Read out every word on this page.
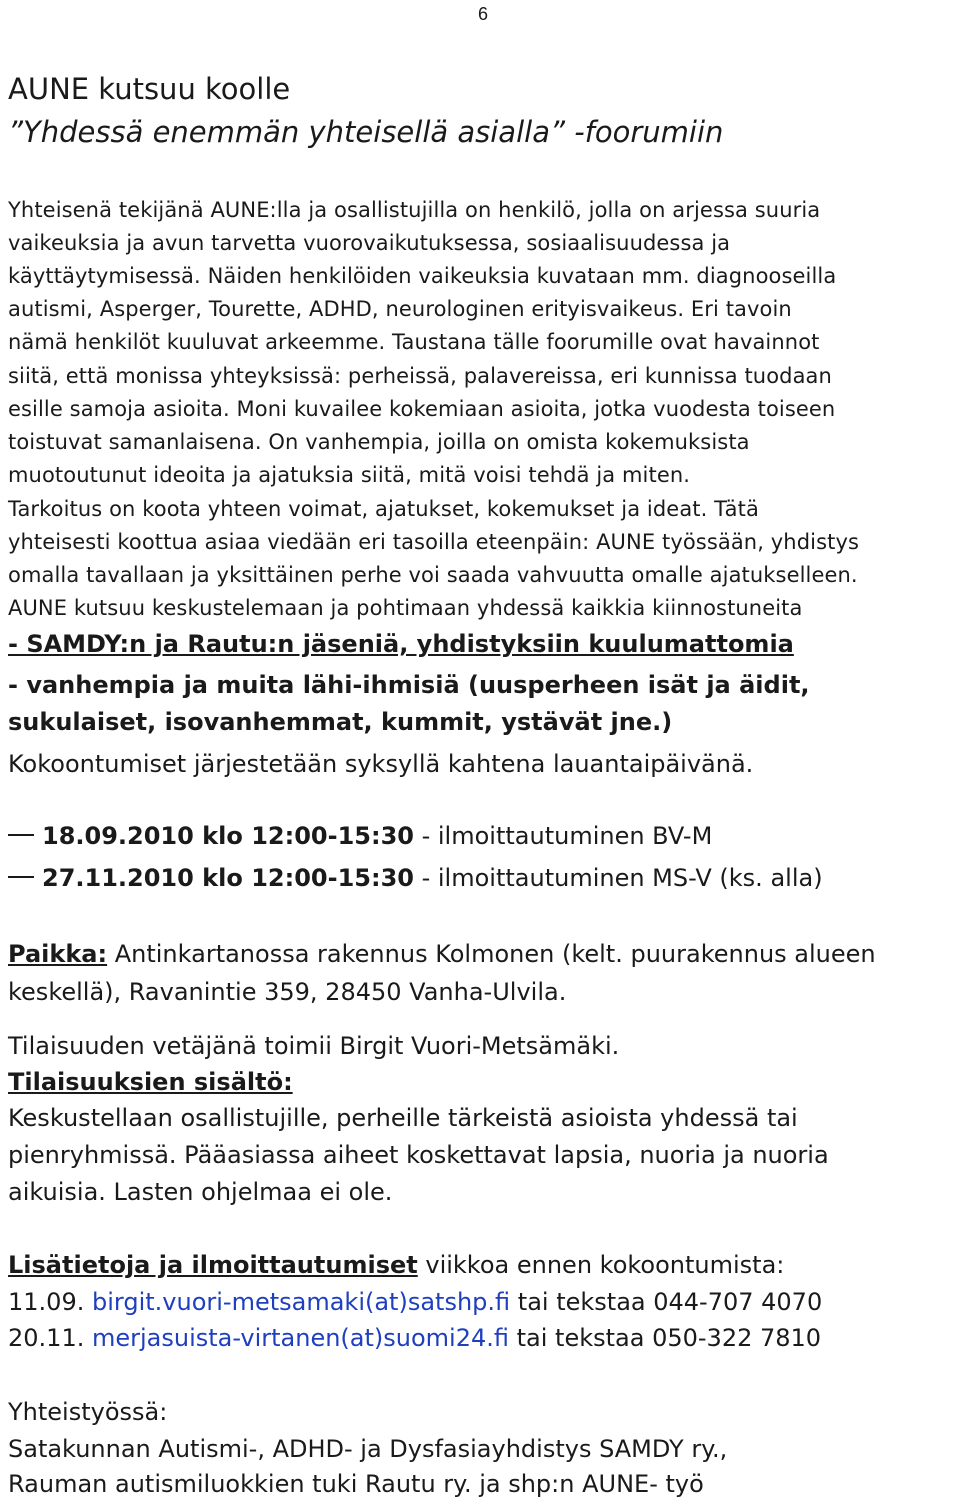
6
AUNE kutsuu koolle
”Yhdessä enemmän yhteisellä asialla” -foorumiin
Yhteisenä tekijänä AUNE:lla ja osallistujilla on henkilö, jolla on arjessa suuria
vaikeuksia ja avun tarvetta vuorovaikutuksessa, sosiaalisuudessa ja
käyttäytymisessä. Näiden henkilöiden vaikeuksia kuvataan mm. diagnooseilla
autismi, Asperger, Tourette, ADHD, neurologinen erityisvaikeus. Eri tavoin
nämä henkilöt kuuluvat arkeemme. Taustana tälle foorumille ovat havainnot
siitä, että monissa yhteyksissä: perheissä, palavereissa, eri kunnissa tuodaan
esille samoja asioita. Moni kuvailee kokemiaan asioita, jotka vuodesta toiseen
toistuvat samanlaisena. On vanhempia, joilla on omista kokemuksista
muotoutunut ideoita ja ajatuksia siitä, mitä voisi tehdä ja miten.
Tarkoitus on koota yhteen voimat, ajatukset, kokemukset ja ideat. Tätä
yhteisesti koottua asiaa viedään eri tasoilla eteenpäin: AUNE työssään, yhdistys
omalla tavallaan ja yksittäinen perhe voi saada vahvuutta omalle ajatukselleen.
AUNE kutsuu keskustelemaan ja pohtimaan yhdessä kaikkia kiinnostuneita
- SAMDY:n ja Rautu:n jäseniä, yhdistyksiin kuulumattomia
- vanhempia ja muita lähi-ihmisiä (uusperheen isät ja äidit,
sukulaiset, isovanhemmat, kummit, ystävät jne.)
Kokoontumiset järjestetään syksyllä kahtena lauantaipäivänä.
18.09.2010 klo 12:00-15:30 - ilmoittautuminen BV-M
27.11.2010 klo 12:00-15:30 - ilmoittautuminen MS-V (ks. alla)
Paikka: Antinkartanossa rakennus Kolmonen (kelt. puurakennus alueen
keskellä), Ravanintie 359, 28450 Vanha-Ulvila.
Tilaisuuden vetäjänä toimii Birgit Vuori-Metsämäki.
Tilaisuuksien sisältö:
Keskustellaan osallistujille, perheille tärkeistä asioista yhdessä tai
pienryhmissä. Pääasiassa aiheet koskettavat lapsia, nuoria ja nuoria
aikuisia. Lasten ohjelmaa ei ole.
Lisätietoja ja ilmoittautumiset viikkoa ennen kokoontumista:
11.09. birgit.vuori-metsamaki(at)satshp.fi tai tekstaa 044-707 4070
20.11. merjasuista-virtanen(at)suomi24.fi tai tekstaa 050-322 7810
Yhteistyössä:
Satakunnan Autismi-, ADHD- ja Dysfasiayhdistys SAMDY ry.,
Rauman autismiluokkien tuki Rautu ry. ja shp:n AUNE- työ
